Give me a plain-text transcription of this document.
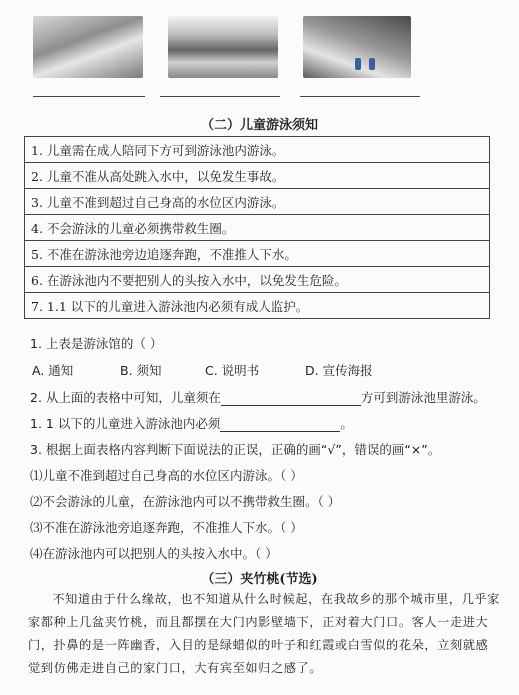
（二）儿童游泳须知
1. 儿童需在成人陪同下方可到游泳池内游泳。
2. 儿童不准从高处跳入水中，以免发生事故。
3. 儿童不准到超过自己身高的水位区内游泳。
4. 不会游泳的儿童必须携带救生圈。
5. 不准在游泳池旁边追逐奔跑，不准推人下水。
6. 在游泳池内不要把别人的头按入水中，以免发生危险。
7. 1.1 以下的儿童进入游泳池内必须有成人监护。
1. 上表是游泳馆的（ ）
A. 通知	B. 须知	C. 说明书	D. 宣传海报
2. 从上面的表格中可知，儿童须在	方可到游泳池里游泳。
1. 1 以下的儿童进入游泳池内必须	。
3. 根据上面表格内容判断下面说法的正误，正确的画“√”，错误的画“×”。
⑴儿童不准到超过自己身高的水位区内游泳。（ ）
⑵不会游泳的儿童，在游泳池内可以不携带救生圈。（ ）
⑶不准在游泳池旁追逐奔跑，不准推人下水。（ ）
⑷在游泳池内可以把别人的头按入水中。（ ）
（三）夹竹桃(节选)

不知道由于什么缘故，也不知道从什么时候起，在我故乡的那个城市里，几乎家家都种上几盆夹竹桃，而且都摆在大门内影壁墙下，正对着大门口。客人一走进大门，扑鼻的是一阵幽香，入目的是绿蜡似的叶子和红霞或白雪似的花朵，立刻就感觉到仿佛走进自己的家门口，大有宾至如归之感了。
